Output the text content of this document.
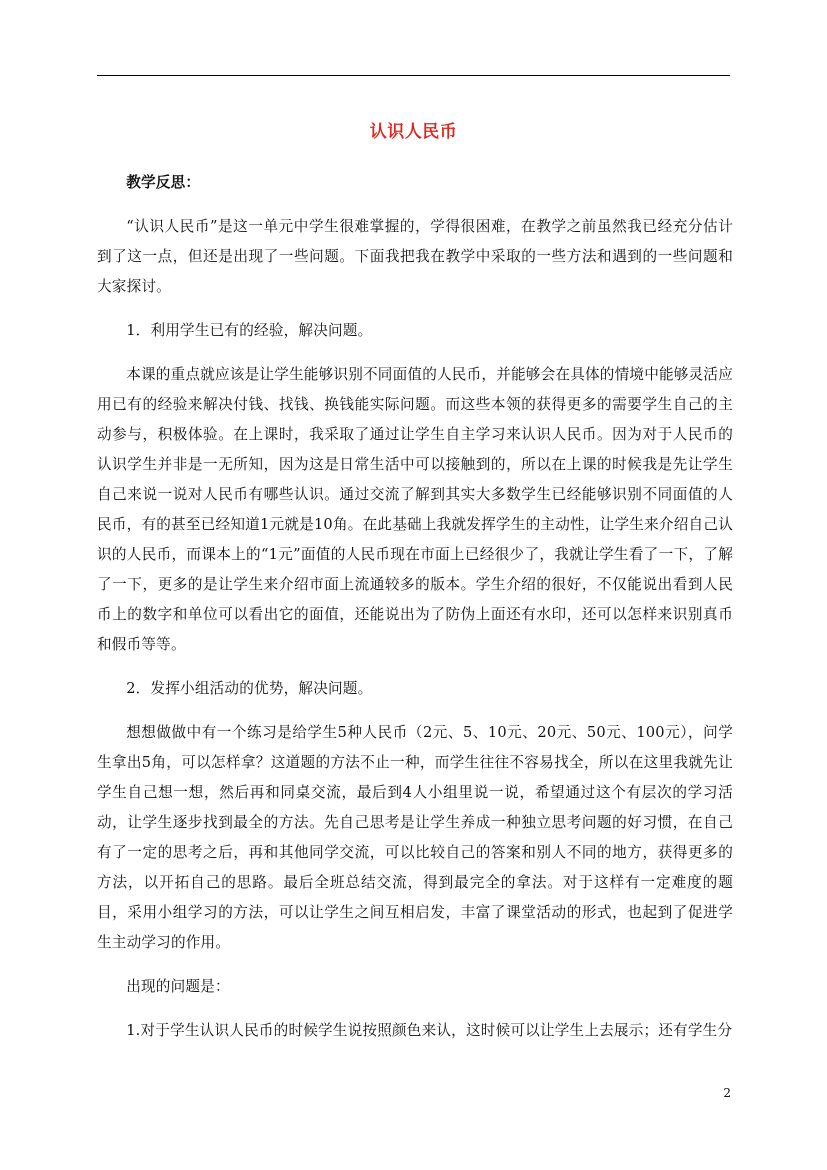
认识人民币

教学反思：

“认识人民币”是这一单元中学生很难掌握的，学得很困难，在教学之前虽然我已经充分估计到了这一点，但还是出现了一些问题。下面我把我在教学中采取的一些方法和遇到的一些问题和大家探讨。

1．利用学生已有的经验，解决问题。

本课的重点就应该是让学生能够识别不同面值的人民币，并能够会在具体的情境中能够灵活应用已有的经验来解决付钱、找钱、换钱能实际问题。而这些本领的获得更多的需要学生自己的主动参与，积极体验。在上课时，我采取了通过让学生自主学习来认识人民币。因为对于人民币的认识学生并非是一无所知，因为这是日常生活中可以接触到的，所以在上课的时候我是先让学生自己来说一说对人民币有哪些认识。通过交流了解到其实大多数学生已经能够识别不同面值的人民币，有的甚至已经知道1元就是10角。在此基础上我就发挥学生的主动性，让学生来介绍自己认识的人民币，而课本上的“1元”面值的人民币现在市面上已经很少了，我就让学生看了一下，了解了一下，更多的是让学生来介绍市面上流通较多的版本。学生介绍的很好，不仅能说出看到人民币上的数字和单位可以看出它的面值，还能说出为了防伪上面还有水印，还可以怎样来识别真币和假币等等。

2．发挥小组活动的优势，解决问题。

想想做做中有一个练习是给学生5种人民币（2元、5、10元、20元、50元、100元），问学生拿出5角，可以怎样拿？这道题的方法不止一种，而学生往往不容易找全，所以在这里我就先让学生自己想一想，然后再和同桌交流，最后到4人小组里说一说，希望通过这个有层次的学习活动，让学生逐步找到最全的方法。先自己思考是让学生养成一种独立思考问题的好习惯，在自己有了一定的思考之后，再和其他同学交流，可以比较自己的答案和别人不同的地方，获得更多的方法，以开拓自己的思路。最后全班总结交流，得到最完全的拿法。对于这样有一定难度的题目，采用小组学习的方法，可以让学生之间互相启发，丰富了课堂活动的形式，也起到了促进学生主动学习的作用。

出现的问题是：

1.对于学生认识人民币的时候学生说按照颜色来认，这时候可以让学生上去展示；还有学生分

2
